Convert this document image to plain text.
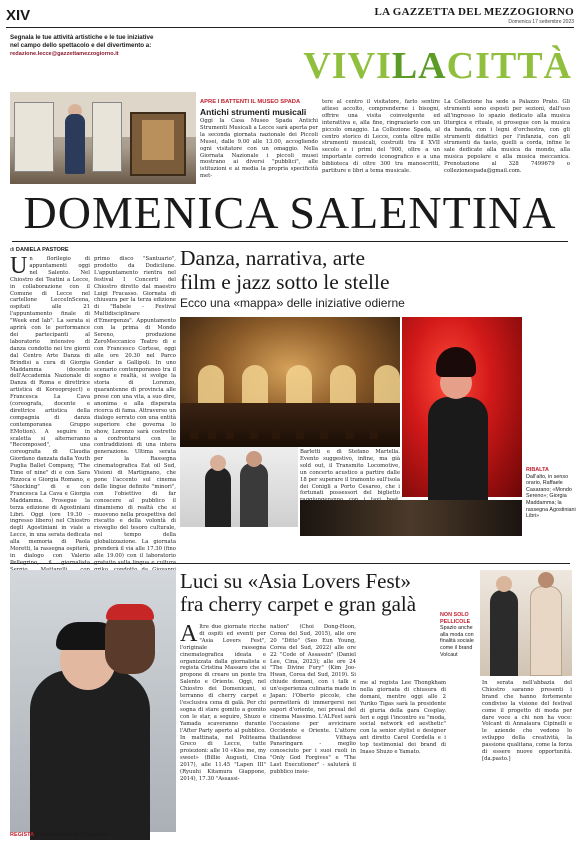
XIV	LA GAZZETTA DEL MEZZOGIORNO
Domenica 17 settembre 2023
Segnala le tue attività artistiche e le tue iniziative nel campo dello spettacolo e del divertimento a:
redazione.lecce@gazzettamezzogiorno.it	VIVILACITTÀ
APRE I BATTENTI IL MUSEO SPADA
Antichi strumenti musicali
Oggi la Casa Museo Spada Antichi Strumenti Musicali a Lecce sarà aperta per la seconda giornata nazionale dei Piccoli Musei, dalle 9.00 alle 13.00, accogliendo ogni visitatore con un omaggio. Nella Giornata Nazionale i piccoli musei mostrano ai diversi "pubblici", alle istituzioni e ai media la propria specificità met-
tere al centro il visitatore, farlo sentire atteso accolto, comprenderne i bisogni, offrire una visita coinvolgente ed interattiva e, alla fine, ringraziarlo con un piccolo omaggio. La Collezione Spada, al centro storico di Lecce, conta oltre mille strumenti musicali, costruiti tra il XVII secolo e i primi del '900, oltre a un importante corredo iconografico e a una biblioteca di oltre 300 tra manoscritti, partiture e libri a tema musicale.
La Collezione ha sede a Palazzo Prato. Gli strumenti sono esposti per sezioni, dall'uso all'ingresso lo spazio dedicato alla musica liturgica e rituale, si prosegue con la musica da banda, con i legni d'orchestra, con gli strumenti didattici per l'infanzia, con gli strumenti da tasto, quelli a corda, infine le sale dedicate alla musica da mondo, alla musica popolare e alla musica meccanica. Prenotazione al 328 7499679 o collezionespada@gmail.com.
DOMENICA SALENTINA
di DANIELA PASTORE
Un florilegio di appuntamenti oggi nel Salento. Nel Chiostro dei Teatini a Lecce, in collaborazione con il Comune di Lecce nel cartellone LecceInScena, ospitati alle 21 l'appuntamento finale di "Week end lab". La serata si aprirà con le performance dei partecipanti al laboratorio intensivo di danza condotto nei tre giorni dal Centro Arte Danza di Brindisi a cura di Giorgia Maddamma (docente dell'Accademia Nazionale di Danza di Roma e direttrice artistica di Koreoproject) e Francesca La Cava (coreografa, docente e direttrice artistica della compagnia di danza contemporanea Gruppo EMotion). A seguire in scaletta si alterneranno "Recomposed", una coreografia di Claudia Giordano danzata dalla Youth Puglia Ballet Company, "The Time of nine" di e con Sara Rizzoca e Giorgia Romano, e "Shocking" di e con Francesca La Cava e Giorgia Maddamma. Prosegue la terza edizione di Agostiniani Libri. Oggi (ore 19.30 - ingresso libero) nel Chiostro degli Agostiniani in viale a Lecce, in una serata dedicata alla memoria di Paola Moretti, la rassegna ospiterà, in dialogo con Valerio
primo disco "Santuario", prodotto da Dodicilune. L'appuntamento rientra nel festival I Concerti del Chiostro diretto dal maestro Luigi Fracasso. Giornata di chiusura per la terza edizione di "Babele - Festival Multidisciplinare d'Emergenza". Appuntamento con la prima di Mondo Sereno, produzione ZeroMeccanico Teatro di e con Francesco Cortese, oggi alle ore 20.30 nel Parco Gondar a Gallipoli. In uno scenario contemporaneo tra il sogno e realtà, si svolge la storia di Lorenzo, quarantenne di provincia alle prese con una vita, a suo dire, anonima e alla disperata ricerca di fama. Attraverso un dialogo serrato con una entità superiore che governa lo show, Lorenzo sarà costretto a confrontarsi con le contraddizioni di una intera generazione. Ultima serata per la Rassegna cinematografica Eat oil Sud, Visioni di Martignano, che pone l'accento sul cinema delle lingue definite "minori", con l'obiettivo di far conoscere al pubblico il dinamismo di realtà che si muovono nella prospettiva del riscatto e della volontà di risveglio del tesoro culturale, nel tempo della globalizzazione. La giornata prenderà il via alle 17.30 (fino alle 19.00) con il laboratorio
Danza, narrativa, arte
film e jazz sotto le stelle
Ecco una «mappa» delle iniziative odierne
Barletti e di Stefano Martella. Evento suggestivo, infine, ma già sold out, il Transmito Locomotive, un concerto acustico a partire dalle 18 per superare il tramonto sull'isola dei Conigli a Porto Cesareo, che i fortunati possessori del biglietto
RIBALTA
Dall'alto, in senso orario, Raffaele Casarano; «Mondo Sereno»; Giorgia Maddamma; la rassegna Agostiniani Libri»
REGISTA Il thailandese Lee Thongkham
Luci su «Asia Lovers Fest»
fra cherry carpet e gran galà	NON SOLO PELLICOLE
Spazio anche alla moda con finalità sociale come il brand Volcaut
Altre due giornate ricche di ospiti ed eventi per "Asia Lovers Fest", l'originale rassegna cinematografica ideata e organizzata dalla giornalista e regista Cristina Massaro che si propone di creare un ponte tra Salento e Oriente. Oggi, nel Chiostro dei Domenicani, si terranno di cherry carpet e l'esclusiva cena di galà. Per chi sogna di stare gomito a gomito con le star, a seguire, Shuzo e Yamada scaveranno durante l'After Party aperto al pubblico. In mattinata, nel Politeama Greco di Lecce, tutte proiezioni: alle 10 «Kiss me, my sweet» (Billie Augusti, Cina 2017), alle 11.45 "Lapen III" (Ryuuhi Kitamura Giappone, 2014), 17.30 "Assassi-
nation" (Choi Dong-Hoon, Corea del Sud, 2015), alle ore 20 "Ditto" (Seo Eun Young, Corea del Sud, 2022) alle ore 22 "Code of Assassin" (Daniel Lee, Cina, 2023); alle ore 24 "The Divine Fury" (Kim Joo-Hwan, Corea del Sud, 2019). Si chiude domani, con i talk e un'esperienza culinaria made in Japan: l'Oberto piccole, che permetterà di immergersi nei sapori d'oriente, nei presal del cinema Massimo. L'ALFest sarà l'occasione per avvicinare Occidente e Oriente. L'attore thailandese Vithaya Pansringarn - meglio conosciuto per i suoi ruoli in "Only God Forgives" e "The Last Executioner" - saluterà il pubblico insie-
me al regista Lee Thongkham nella giornata di chiusura di domani, mentre oggi alle 2 Yuriko Tigas sarà la presidente di giuria della gara Cosplay. Ieri e oggi l'incontro su "moda, social network ed aesthetic" con la senior stylist e designer ant diretto Carol Cordella e i top testimonial dei brand di Inaso Shuzo e Yamato.
In serata nell'abbazia del Chiostro saranno presenti i brand che hanno fortemente condiviso la visione del festival come il progetto di moda per dare voce a chi non ha voce: Volcant di Annalaura Cipinelli e le aziende che vedono lo sviluppo della creatività, la passione qualitana, come la forza di essere nuove opportunità. [da.pasto.]
